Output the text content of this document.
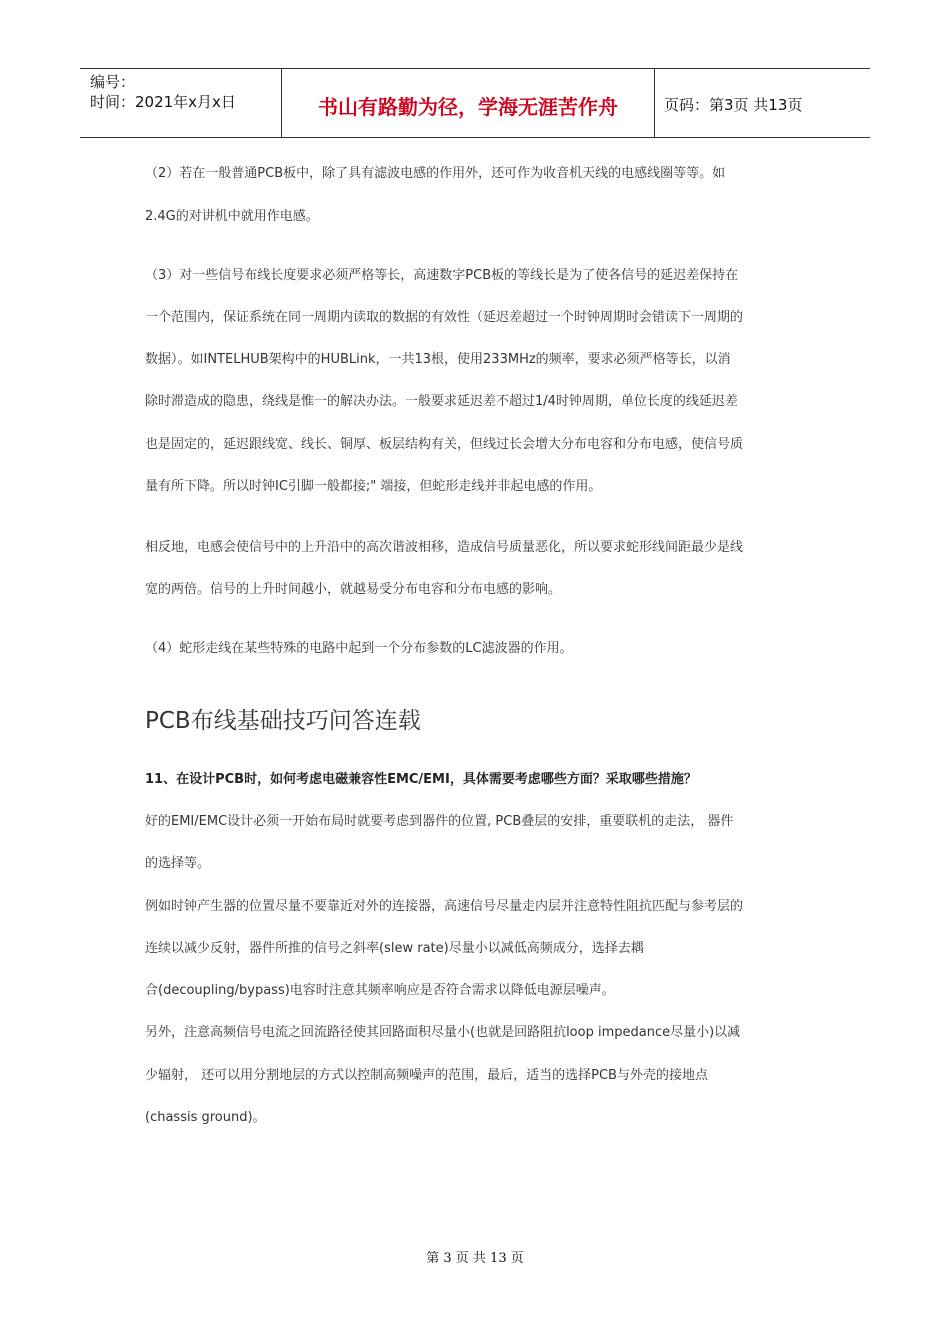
编号：
时间：2021年x月x日	书山有路勤为径，学海无涯苦作舟	页码：第3页 共13页
（2）若在一般普通PCB板中，除了具有滤波电感的作用外，还可作为收音机天线的电感线圈等等。如
2.4G的对讲机中就用作电感。
（3）对一些信号布线长度要求必须严格等长，高速数字PCB板的等线长是为了使各信号的延迟差保持在
一个范围内，保证系统在同一周期内读取的数据的有效性（延迟差超过一个时钟周期时会错读下一周期的
数据）。如INTELHUB架构中的HUBLink，一共13根，使用233MHz的频率，要求必须严格等长，以消
除时滞造成的隐患，绕线是惟一的解决办法。一般要求延迟差不超过1/4时钟周期，单位长度的线延迟差
也是固定的，延迟跟线宽、线长、铜厚、板层结构有关，但线过长会增大分布电容和分布电感，使信号质
量有所下降。所以时钟IC引脚一般都接;" 端接，但蛇形走线并非起电感的作用。
相反地，电感会使信号中的上升沿中的高次谐波相移，造成信号质量恶化，所以要求蛇形线间距最少是线
宽的两倍。信号的上升时间越小，就越易受分布电容和分布电感的影响。
（4）蛇形走线在某些特殊的电路中起到一个分布参数的LC滤波器的作用。
PCB布线基础技巧问答连载
11、在设计PCB时，如何考虑电磁兼容性EMC/EMI，具体需要考虑哪些方面？采取哪些措施？
好的EMI/EMC设计必须一开始布局时就要考虑到器件的位置, PCB叠层的安排，重要联机的走法， 器件
的选择等。
例如时钟产生器的位置尽量不要靠近对外的连接器，高速信号尽量走内层并注意特性阻抗匹配与参考层的
连续以减少反射，器件所推的信号之斜率(slew rate)尽量小以减低高频成分，选择去耦
合(decoupling/bypass)电容时注意其频率响应是否符合需求以降低电源层噪声。
另外，注意高频信号电流之回流路径使其回路面积尽量小(也就是回路阻抗loop impedance尽量小)以减
少辐射， 还可以用分割地层的方式以控制高频噪声的范围，最后，适当的选择PCB与外壳的接地点
(chassis ground)。
第 3 页 共 13 页
